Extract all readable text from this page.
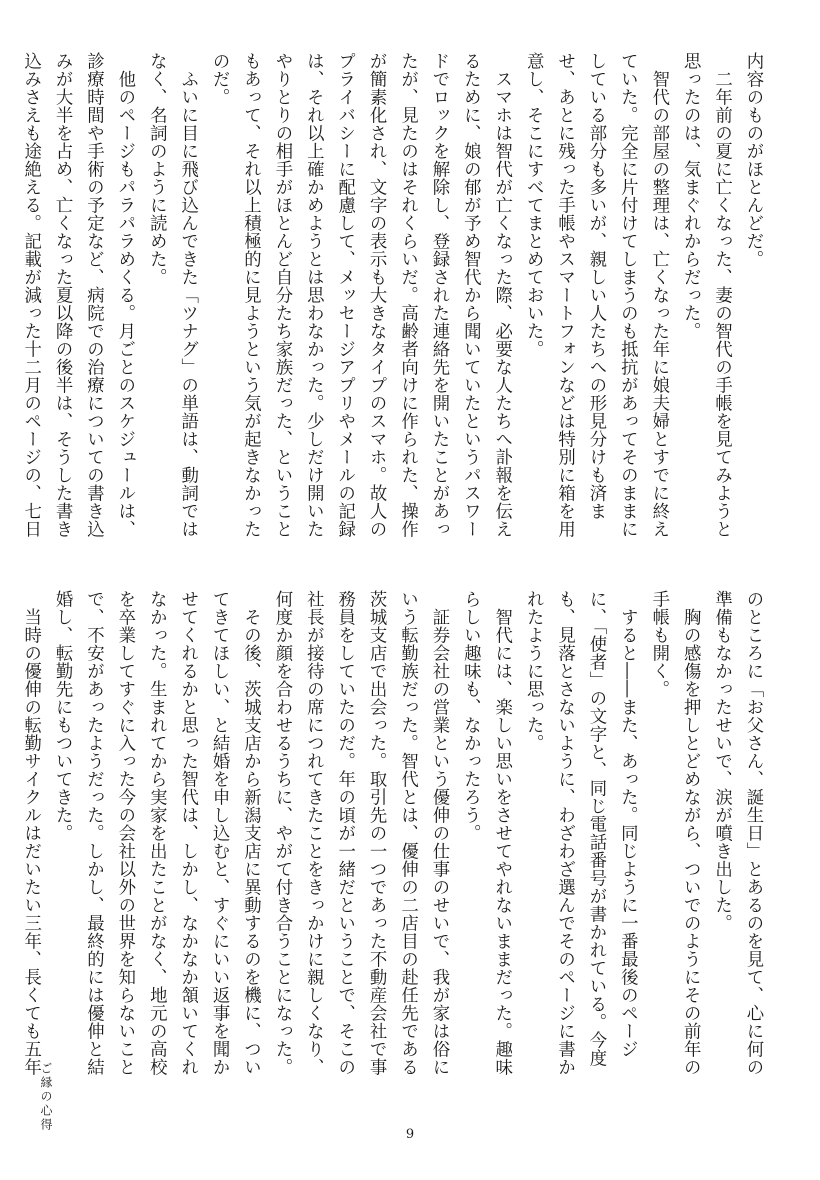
内容のものがほとんどだ。
　二年前の夏に亡くなった、妻の智代の手帳を見てみようと
思ったのは、気まぐれからだった。
　智代の部屋の整理は、亡くなった年に娘夫婦とすでに終え
ていた。完全に片付けてしまうのも抵抗があってそのままに
している部分も多いが、親しい人たちへの形見分けも済ま
せ、あとに残った手帳やスマートフォンなどは特別に箱を用
意し、そこにすべてまとめておいた。
　スマホは智代が亡くなった際、必要な人たちへ訃報を伝え
るために、娘の郁が予め智代から聞いていたというパスワー
ドでロックを解除し、登録された連絡先を開いたことがあっ
たが、見たのはそれくらいだ。高齢者向けに作られた、操作
が簡素化され、文字の表示も大きなタイプのスマホ。故人の
プライバシーに配慮して、メッセージアプリやメールの記録
は、それ以上確かめようとは思わなかった。少しだけ開いた
やりとりの相手がほとんど自分たち家族だった、ということ
もあって、それ以上積極的に見ようという気が起きなかった
のだ。
　ふいに目に飛び込んできた「ツナグ」の単語は、動詞では
なく、名詞のように読めた。
　他のページもパラパラめくる。月ごとのスケジュールは、
診療時間や手術の予定など、病院での治療についての書き込
みが大半を占め、亡くなった夏以降の後半は、そうした書き
込みさえも途絶える。記載が減った十二月のページの、七日
のところに「お父さん、誕生日」とあるのを見て、心に何の
準備もなかったせいで、涙が噴き出した。
　胸の感傷を押しとどめながら、ついでのようにその前年の
手帳も開く。
　すると――また、あった。同じように一番最後のページ
に、「使者」の文字と、同じ電話番号が書かれている。今度
も、見落とさないように、わざわざ選んでそのページに書か
れたように思った。
　智代には、楽しい思いをさせてやれないままだった。趣味
らしい趣味も、なかったろう。
　証券会社の営業という優伸の仕事のせいで、我が家は俗に
いう転勤族だった。智代とは、優伸の二店目の赴任先である
茨城支店で出会った。取引先の一つであった不動産会社で事
務員をしていたのだ。年の頃が一緒だということで、そこの
社長が接待の席につれてきたことをきっかけに親しくなり、
何度か顔を合わせるうちに、やがて付き合うことになった。
　その後、茨城支店から新潟支店に異動するのを機に、つい
てきてほしい、と結婚を申し込むと、すぐにいい返事を聞か
せてくれるかと思った智代は、しかし、なかなか頷いてくれ
なかった。生まれてから実家を出たことがなく、地元の高校
を卒業してすぐに入った今の会社以外の世界を知らないこと
で、不安があったようだった。しかし、最終的には優伸と結
婚し、転勤先にもついてきた。
　当時の優伸の転勤サイクルはだいたい三年、長くても五年
ご縁の心得
9
